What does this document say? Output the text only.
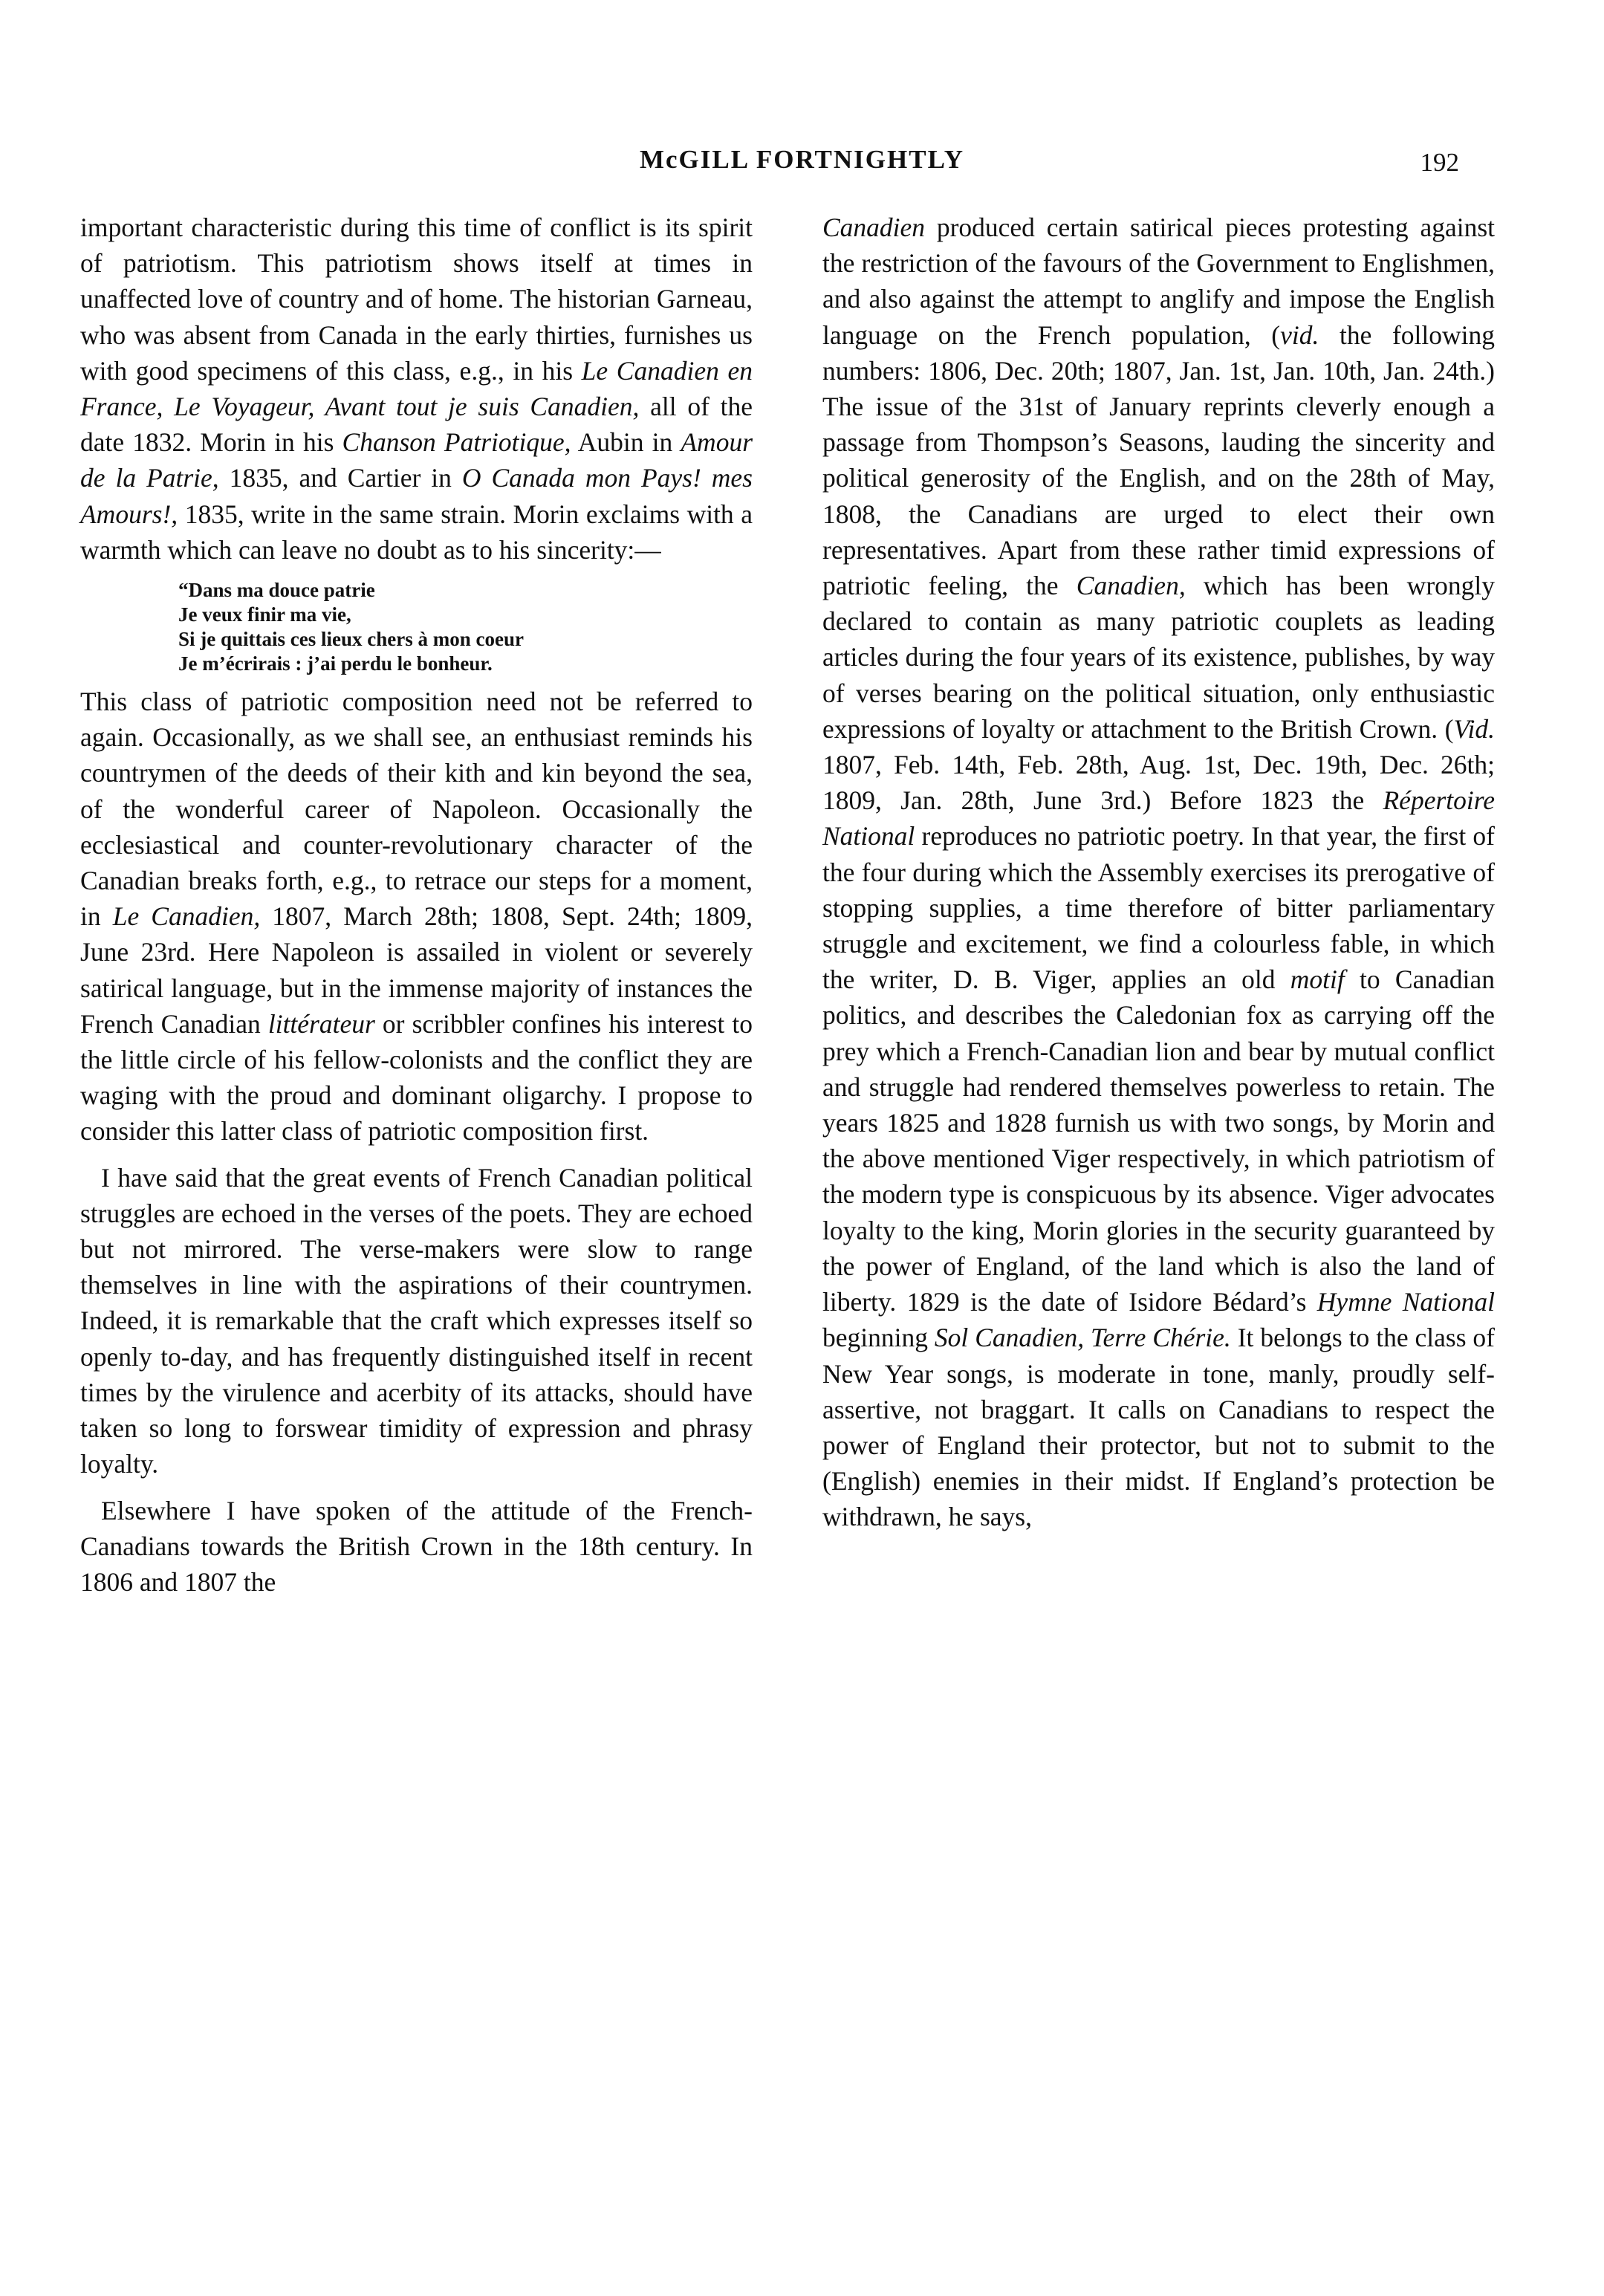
McGILL FORTNIGHTLY	192

important characteristic during this time of conflict is its spirit of patriotism. This patriotism shows itself at times in unaffected love of country and of home. The historian Garneau, who was absent from Canada in the early thirties, furnishes us with good specimens of this class, e.g., in his Le Canadien en France, Le Voyageur, Avant tout je suis Canadien, all of the date 1832. Morin in his Chanson Patriotique, Aubin in Amour de la Patrie, 1835, and Cartier in O Canada mon Pays! mes Amours!, 1835, write in the same strain. Morin exclaims with a warmth which can leave no doubt as to his sincerity:—

“Dans ma douce patrie
Je veux finir ma vie,
Si je quittais ces lieux chers à mon coeur
Je m’écrirais : j’ai perdu le bonheur.

This class of patriotic composition need not be referred to again. Occasionally, as we shall see, an enthusiast reminds his countrymen of the deeds of their kith and kin beyond the sea, of the wonderful career of Napoleon. Occasionally the ecclesiastical and counter-revolutionary character of the Canadian breaks forth, e.g., to retrace our steps for a moment, in Le Canadien, 1807, March 28th; 1808, Sept. 24th; 1809, June 23rd. Here Napoleon is assailed in violent or severely satirical language, but in the immense majority of instances the French Canadian littérateur or scribbler confines his interest to the little circle of his fellow-colonists and the conflict they are waging with the proud and dominant oligarchy. I propose to consider this latter class of patriotic composition first.

I have said that the great events of French Canadian political struggles are echoed in the verses of the poets. They are echoed but not mirrored. The verse-makers were slow to range themselves in line with the aspirations of their countrymen. Indeed, it is remarkable that the craft which expresses itself so openly to-day, and has frequently distinguished itself in recent times by the virulence and acerbity of its attacks, should have taken so long to forswear timidity of expression and phrasy loyalty.

Elsewhere I have spoken of the attitude of the French-Canadians towards the British Crown in the 18th century. In 1806 and 1807 the

Canadien produced certain satirical pieces protesting against the restriction of the favours of the Government to Englishmen, and also against the attempt to anglify and impose the English language on the French population, (vid. the following numbers: 1806, Dec. 20th; 1807, Jan. 1st, Jan. 10th, Jan. 24th.) The issue of the 31st of January reprints cleverly enough a passage from Thompson’s Seasons, lauding the sincerity and political generosity of the English, and on the 28th of May, 1808, the Canadians are urged to elect their own representatives. Apart from these rather timid expressions of patriotic feeling, the Canadien, which has been wrongly declared to contain as many patriotic couplets as leading articles during the four years of its existence, publishes, by way of verses bearing on the political situation, only enthusiastic expressions of loyalty or attachment to the British Crown. (Vid. 1807, Feb. 14th, Feb. 28th, Aug. 1st, Dec. 19th, Dec. 26th; 1809, Jan. 28th, June 3rd.) Before 1823 the Répertoire National reproduces no patriotic poetry. In that year, the first of the four during which the Assembly exercises its prerogative of stopping supplies, a time therefore of bitter parliamentary struggle and excitement, we find a colourless fable, in which the writer, D. B. Viger, applies an old motif to Canadian politics, and describes the Caledonian fox as carrying off the prey which a French-Canadian lion and bear by mutual conflict and struggle had rendered themselves powerless to retain. The years 1825 and 1828 furnish us with two songs, by Morin and the above mentioned Viger respectively, in which patriotism of the modern type is conspicuous by its absence. Viger advocates loyalty to the king, Morin glories in the security guaranteed by the power of England, of the land which is also the land of liberty. 1829 is the date of Isidore Bédard’s Hymne National beginning Sol Canadien, Terre Chérie. It belongs to the class of New Year songs, is moderate in tone, manly, proudly self-assertive, not braggart. It calls on Canadians to respect the power of England their protector, but not to submit to the (English) enemies in their midst. If England’s protection be withdrawn, he says,
